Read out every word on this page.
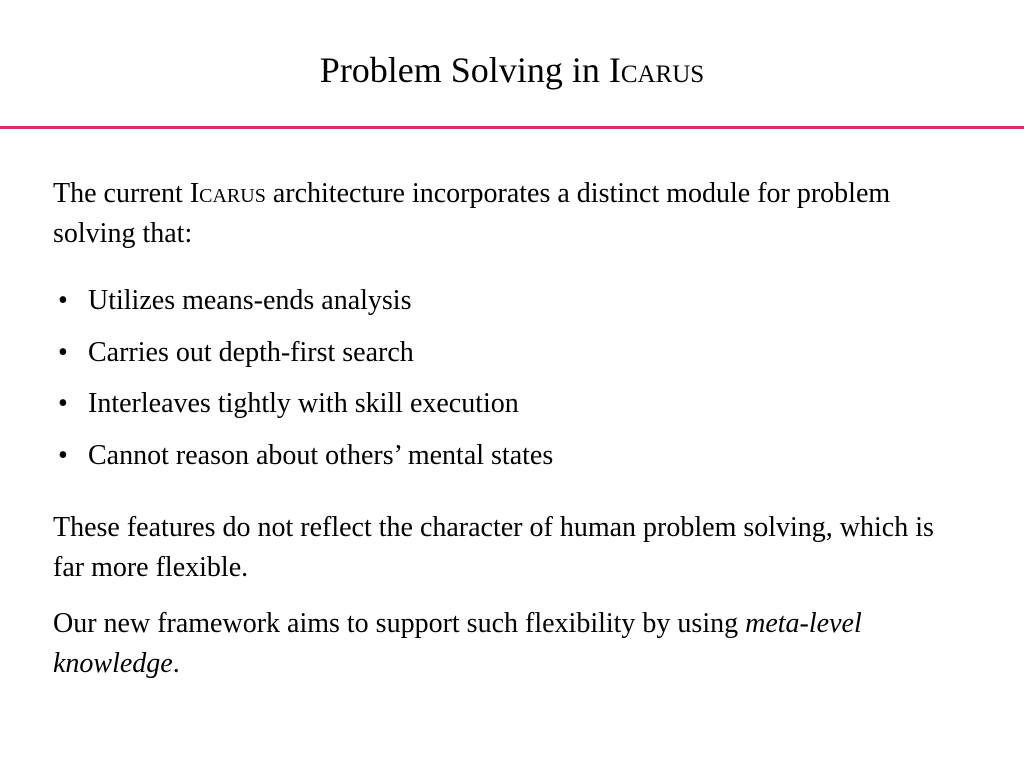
Problem Solving in Icarus

The current Icarus architecture incorporates a distinct module for problem solving that:

• Utilizes means-ends analysis
• Carries out depth-first search
• Interleaves tightly with skill execution
• Cannot reason about others’ mental states

These features do not reflect the character of human problem solving, which is far more flexible.

Our new framework aims to support such flexibility by using meta-level knowledge.
